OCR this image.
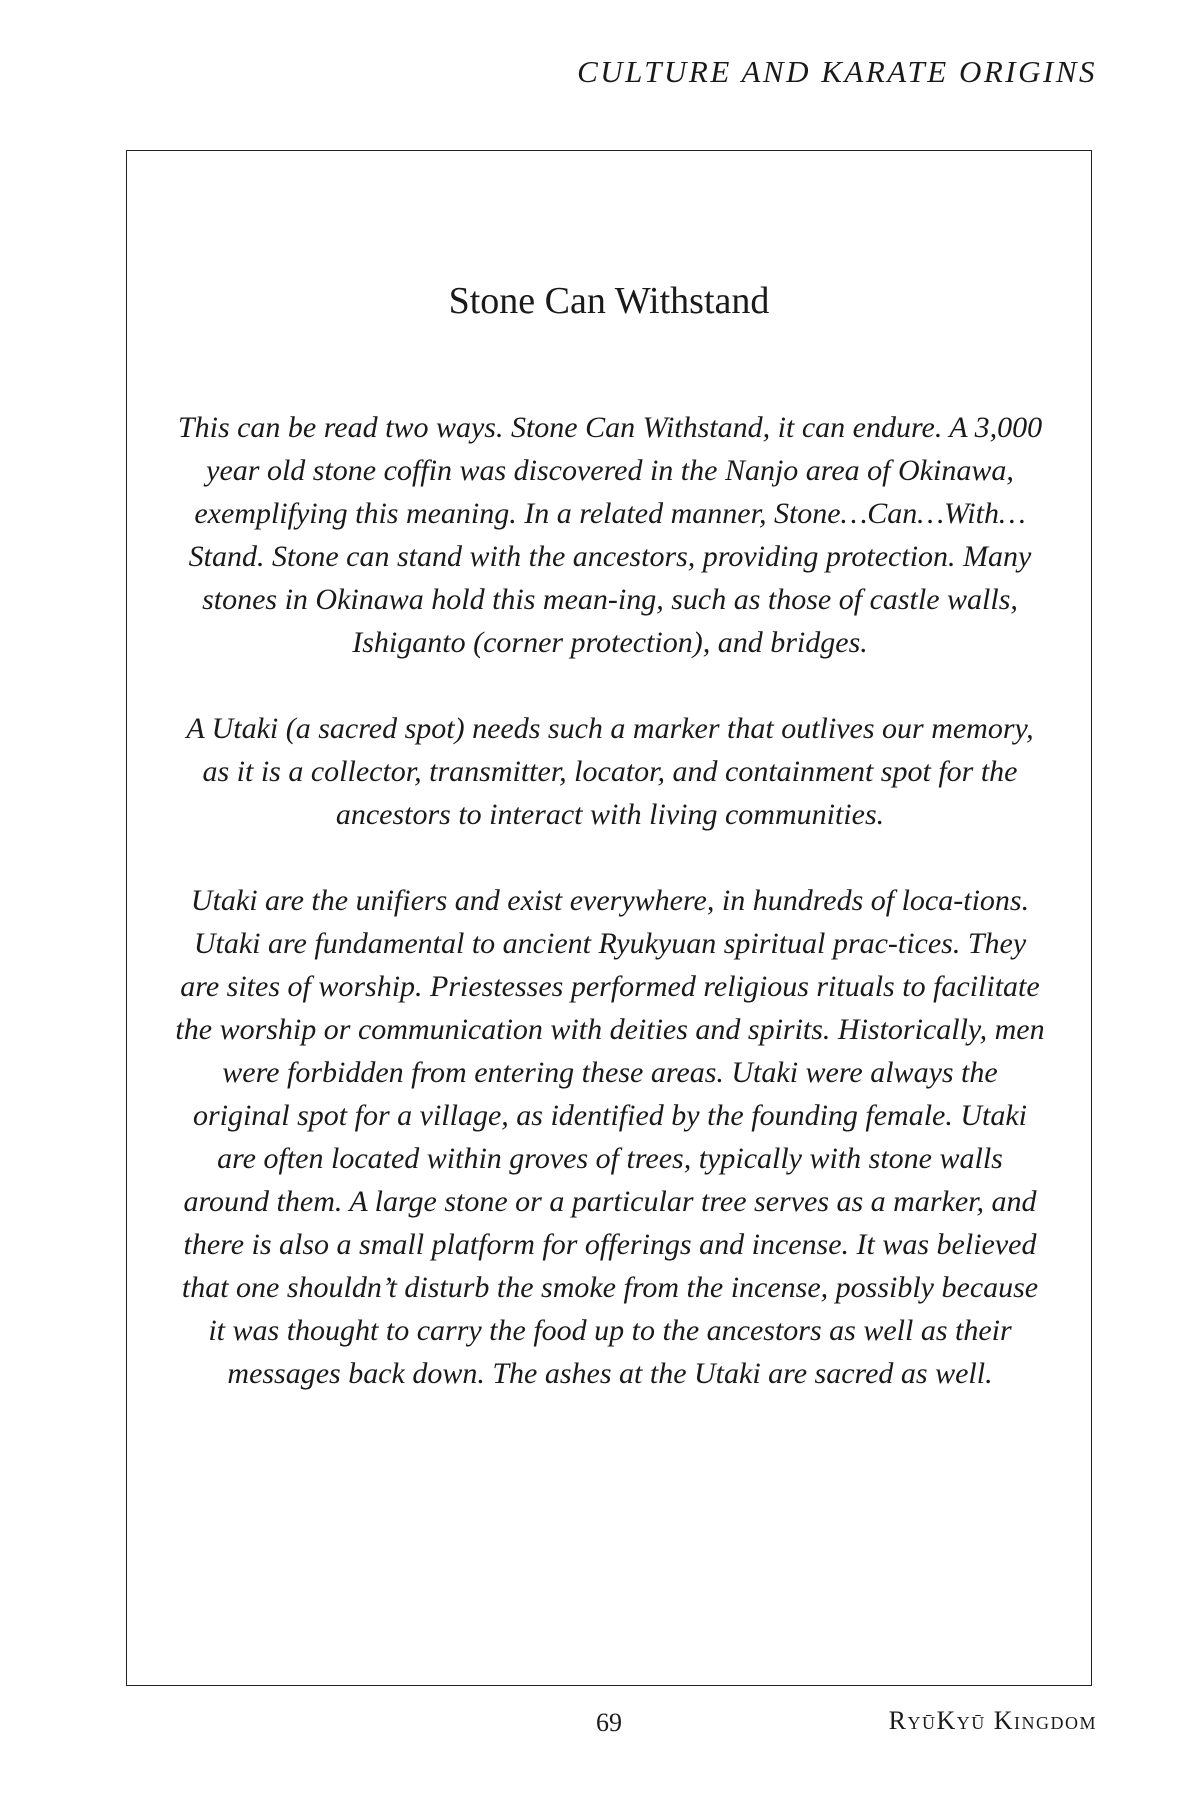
CULTURE AND KARATE ORIGINS
Stone Can Withstand

This can be read two ways. Stone Can Withstand, it can endure. A 3,000 year old stone coffin was discovered in the Nanjo area of Okinawa, exemplifying this meaning. In a related manner, Stone…Can…With…Stand. Stone can stand with the ancestors, providing protection. Many stones in Okinawa hold this mean-ing, such as those of castle walls, Ishiganto (corner protection), and bridges.

A Utaki (a sacred spot) needs such a marker that outlives our memory, as it is a collector, transmitter, locator, and containment spot for the ancestors to interact with living communities.

Utaki are the unifiers and exist everywhere, in hundreds of loca-tions. Utaki are fundamental to ancient Ryukyuan spiritual prac-tices. They are sites of worship. Priestesses performed religious rituals to facilitate the worship or communication with deities and spirits. Historically, men were forbidden from entering these areas. Utaki were always the original spot for a village, as identified by the founding female. Utaki are often located within groves of trees, typically with stone walls around them. A large stone or a particular tree serves as a marker, and there is also a small platform for offerings and incense. It was believed that one shouldn’t disturb the smoke from the incense, possibly because it was thought to carry the food up to the ancestors as well as their messages back down. The ashes at the Utaki are sacred as well.

69	RyūKyū Kingdom
